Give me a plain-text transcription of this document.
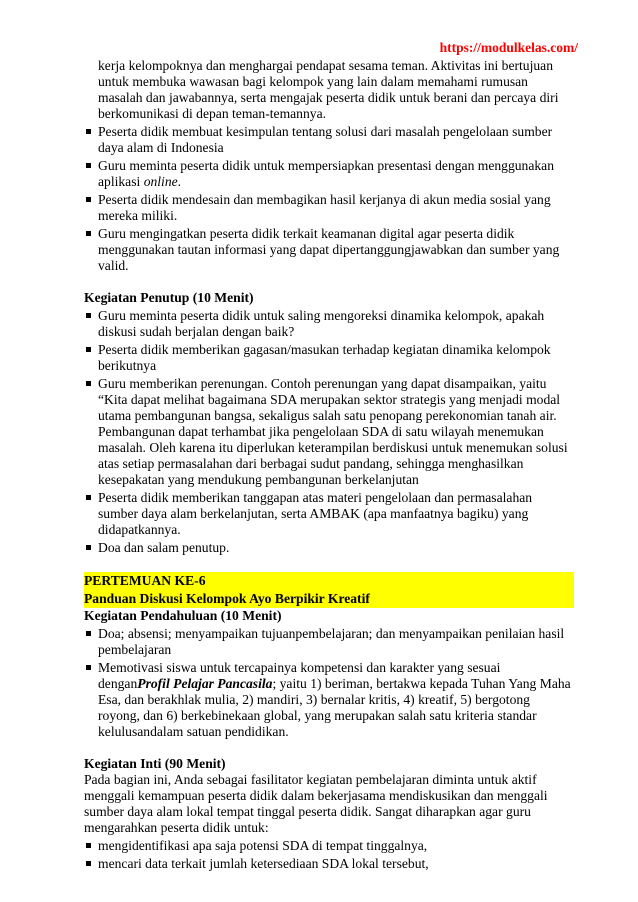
https://modulkelas.com/

kerja kelompoknya dan menghargai pendapat sesama teman. Aktivitas ini bertujuan untuk membuka wawasan bagi kelompok yang lain dalam memahami rumusan masalah dan jawabannya, serta mengajak peserta didik untuk berani dan percaya diri berkomunikasi di depan teman-temannya.

Peserta didik membuat kesimpulan tentang solusi dari masalah pengelolaan sumber daya alam di Indonesia
Guru meminta peserta didik untuk mempersiapkan presentasi dengan menggunakan aplikasi online.
Peserta didik mendesain dan membagikan hasil kerjanya di akun media sosial yang mereka miliki.
Guru mengingatkan peserta didik terkait keamanan digital agar peserta didik menggunakan tautan informasi yang dapat dipertanggungjawabkan dan sumber yang valid.

Kegiatan Penutup (10 Menit)

Guru meminta peserta didik untuk saling mengoreksi dinamika kelompok, apakah diskusi sudah berjalan dengan baik?
Peserta didik memberikan gagasan/masukan terhadap kegiatan dinamika kelompok berikutnya
Guru memberikan perenungan. Contoh perenungan yang dapat disampaikan, yaitu “Kita dapat melihat bagaimana SDA merupakan sektor strategis yang menjadi modal utama pembangunan bangsa, sekaligus salah satu penopang perekonomian tanah air. Pembangunan dapat terhambat jika pengelolaan SDA di satu wilayah menemukan masalah. Oleh karena itu diperlukan keterampilan berdiskusi untuk menemukan solusi atas setiap permasalahan dari berbagai sudut pandang, sehingga menghasilkan kesepakatan yang mendukung pembangunan berkelanjutan
Peserta didik memberikan tanggapan atas materi pengelolaan dan permasalahan sumber daya alam berkelanjutan, serta AMBAK (apa manfaatnya bagiku) yang didapatkannya.
Doa dan salam penutup.

PERTEMUAN KE-6

Panduan Diskusi Kelompok Ayo Berpikir Kreatif

Kegiatan Pendahuluan (10 Menit)

Doa; absensi; menyampaikan tujuanpembelajaran; dan menyampaikan penilaian hasil pembelajaran
Memotivasi siswa untuk tercapainya kompetensi dan karakter yang sesuai denganProfil Pelajar Pancasila; yaitu 1) beriman, bertakwa kepada Tuhan Yang Maha Esa, dan berakhlak mulia, 2) mandiri, 3) bernalar kritis, 4) kreatif, 5) bergotong royong, dan 6) berkebinekaan global, yang merupakan salah satu kriteria standar kelulusandalam satuan pendidikan.

Kegiatan Inti (90 Menit)

Pada bagian ini, Anda sebagai fasilitator kegiatan pembelajaran diminta untuk aktif menggali kemampuan peserta didik dalam bekerjasama mendiskusikan dan menggali sumber daya alam lokal tempat tinggal peserta didik. Sangat diharapkan agar guru mengarahkan peserta didik untuk:

mengidentifikasi apa saja potensi SDA di tempat tinggalnya,
mencari data terkait jumlah ketersediaan SDA lokal tersebut,
